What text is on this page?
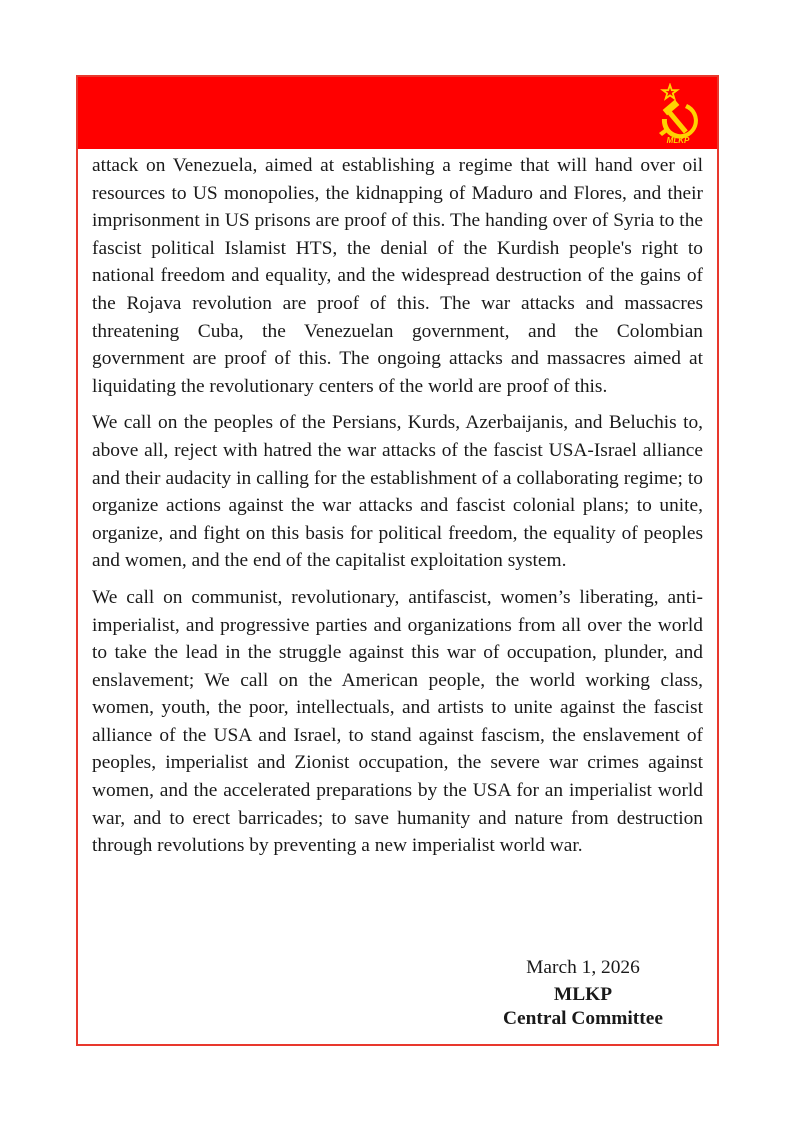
MLKP

attack on Venezuela, aimed at establishing a regime that will hand over oil resources to US monopolies, the kidnapping of Maduro and Flores, and their imprisonment in US prisons are proof of this. The handing over of Syria to the fascist political Islamist HTS, the denial of the Kurdish people's right to national freedom and equality, and the widespread destruction of the gains of the Rojava revolution are proof of this. The war attacks and massacres threatening Cuba, the Venezuelan government, and the Colombian government are proof of this. The ongoing attacks and massacres aimed at liquidating the revolutionary centers of the world are proof of this.

We call on the peoples of the Persians, Kurds, Azerbaijanis, and Beluchis to, above all, reject with hatred the war attacks of the fascist USA-Israel alliance and their audacity in calling for the establishment of a collaborating regime; to organize actions against the war attacks and fascist colonial plans; to unite, organize, and fight on this basis for political freedom, the equality of peoples and women, and the end of the capitalist exploitation system.

We call on communist, revolutionary, antifascist, women’s liberating, anti-imperialist, and progressive parties and organizations from all over the world to take the lead in the struggle against this war of occupation, plunder, and enslavement; We call on the American people, the world working class, women, youth, the poor, intellectuals, and artists to unite against the fascist alliance of the USA and Israel, to stand against fascism, the enslavement of peoples, imperialist and Zionist occupation, the severe war crimes against women, and the accelerated preparations by the USA for an imperialist world war, and to erect barricades; to save humanity and nature from destruction through revolutions by preventing a new imperialist world war.

March 1, 2026
MLKP
Central Committee
